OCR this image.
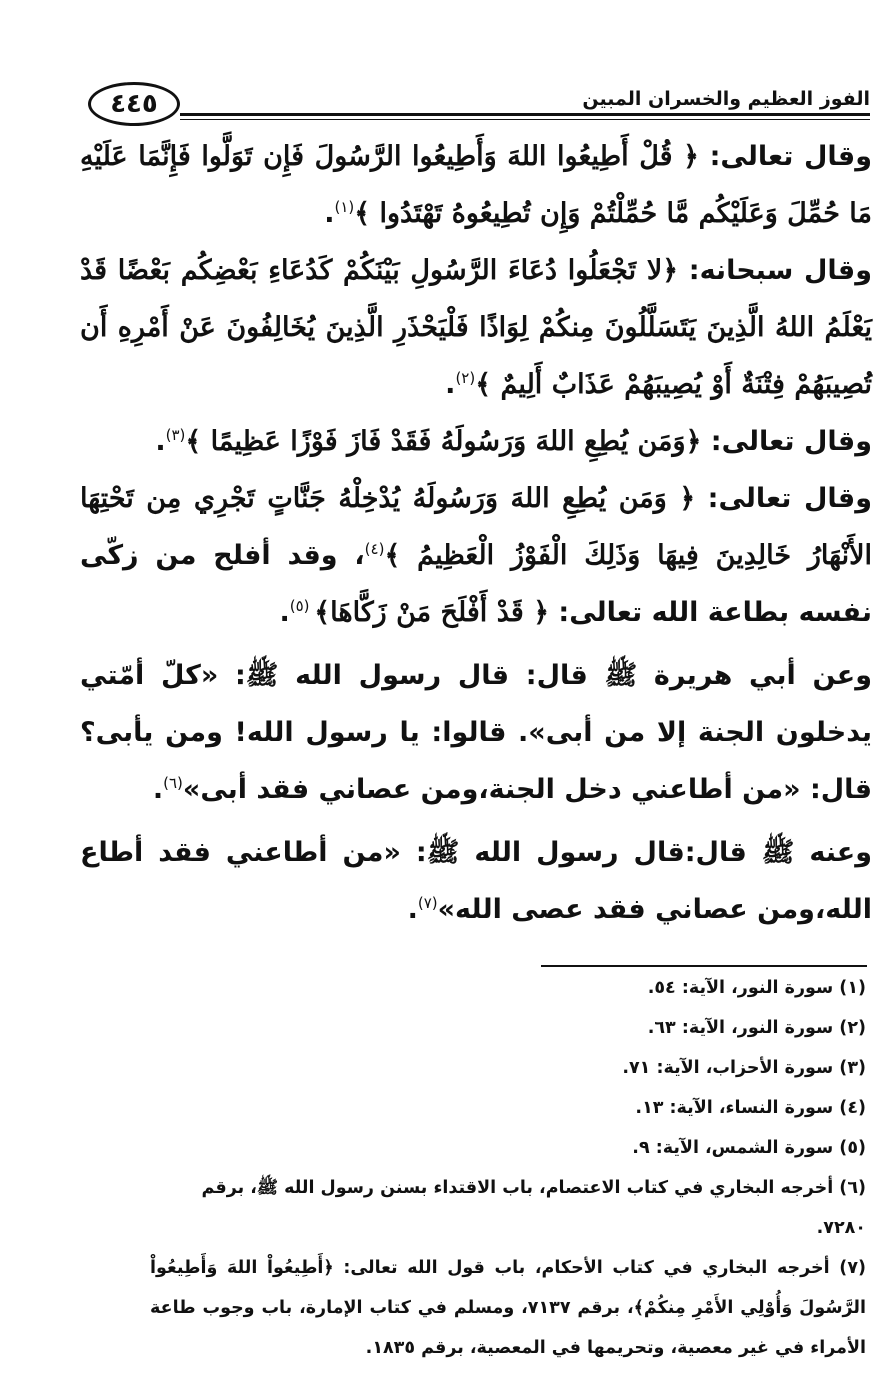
٤٤٥	الفوز العظيم والخسران المبين

وقال تعالى: ﴿ قُلْ أَطِيعُوا اللهَ وَأَطِيعُوا الرَّسُولَ فَإِن تَوَلَّوا فَإِنَّمَا عَلَيْهِ مَا حُمِّلَ وَعَلَيْكُم مَّا حُمِّلْتُمْ وَإِن تُطِيعُوهُ تَهْتَدُوا ﴾$^{(١)}$.

وقال سبحانه: ﴿لا تَجْعَلُوا دُعَاءَ الرَّسُولِ بَيْنَكُمْ كَدُعَاءِ بَعْضِكُم بَعْضًا قَدْ يَعْلَمُ اللهُ الَّذِينَ يَتَسَلَّلُونَ مِنكُمْ لِوَاذًا فَلْيَحْذَرِ الَّذِينَ يُخَالِفُونَ عَنْ أَمْرِهِ أَن تُصِيبَهُمْ فِتْنَةٌ أَوْ يُصِيبَهُمْ عَذَابٌ أَلِيمٌ ﴾$^{(٢)}$.

وقال تعالى: ﴿وَمَن يُطِعِ اللهَ وَرَسُولَهُ فَقَدْ فَازَ فَوْزًا عَظِيمًا ﴾$^{(٣)}$.

وقال تعالى: ﴿ وَمَن يُطِعِ اللهَ وَرَسُولَهُ يُدْخِلْهُ جَنَّاتٍ تَجْرِي مِن تَحْتِهَا الأَنْهَارُ خَالِدِينَ فِيهَا وَذَلِكَ الْفَوْزُ الْعَظِيمُ ﴾$^{(٤)}$، وقد أفلح من زكّى نفسه بطاعة الله تعالى: ﴿ قَدْ أَفْلَحَ مَنْ زَكَّاهَا﴾ $^{(٥)}$.

وعن أبي هريرة ﷺ قال: قال رسول الله ﷺ: «كلّ أمّتي يدخلون الجنة إلا من أبى». قالوا: يا رسول الله! ومن يأبى؟ قال: «من أطاعني دخل الجنة،ومن عصاني فقد أبى»$^{(٦)}$.

وعنه ﷺ قال:قال رسول الله ﷺ: «من أطاعني فقد أطاع الله،ومن عصاني فقد عصى الله»$^{(٧)}$.

(١) سورة النور، الآية: ٥٤.

(٢) سورة النور، الآية: ٦٣.

(٣) سورة الأحزاب، الآية: ٧١.

(٤) سورة النساء، الآية: ١٣.

(٥) سورة الشمس، الآية: ٩.

(٦) أخرجه البخاري في كتاب الاعتصام، باب الاقتداء بسنن رسول الله ﷺ، برقم ٧٢٨٠.

(٧) أخرجه البخاري في كتاب الأحكام، باب قول الله تعالى: ﴿أَطِيعُواْ اللهَ وَأَطِيعُواْ الرَّسُولَ وَأُوْلِي الأَمْرِ مِنكُمْ﴾، برقم ٧١٣٧، ومسلم في كتاب الإمارة، باب وجوب طاعة الأمراء في غير معصية، وتحريمها في المعصية، برقم ١٨٣٥.
